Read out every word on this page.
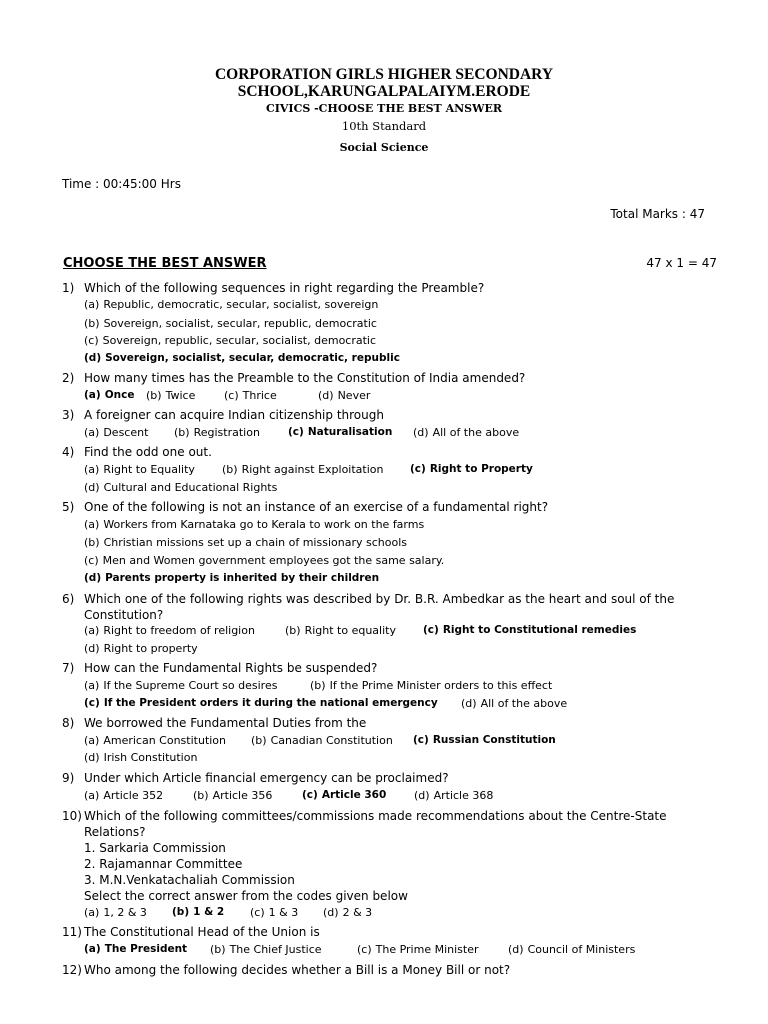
CORPORATION GIRLS HIGHER SECONDARY
SCHOOL,KARUNGALPALAIYM.ERODE
CIVICS -CHOOSE THE BEST ANSWER
10th Standard
Social Science
Time : 00:45:00 Hrs
Total Marks : 47
CHOOSE THE BEST ANSWER	47 x 1 = 47
1) Which of the following sequences in right regarding the Preamble?
(a) Republic, democratic, secular, socialist, sovereign
(b) Sovereign, socialist, secular, republic, democratic
(c) Sovereign, republic, secular, socialist, democratic
(d) Sovereign, socialist, secular, democratic, republic
2) How many times has the Preamble to the Constitution of India amended?
(a) Once (b) Twice	(c) Thrice	(d) Never
3) A foreigner can acquire Indian citizenship through
(a) Descent (b) Registration	(c) Naturalisation (d) All of the above
4) Find the odd one out.
(a) Right to Equality (b) Right against Exploitation	(c) Right to Property
(d) Cultural and Educational Rights
5) One of the following is not an instance of an exercise of a fundamental right?
(a) Workers from Karnataka go to Kerala to work on the farms
(b) Christian missions set up a chain of missionary schools
(c) Men and Women government employees got the same salary.
(d) Parents property is inherited by their children
6) Which one of the following rights was described by Dr. B.R. Ambedkar as the heart and soul of the Constitution?
(a) Right to freedom of religion	(b) Right to equality	(c) Right to Constitutional remedies
(d) Right to property
7) How can the Fundamental Rights be suspended?
(a) If the Supreme Court so desires	(b) If the Prime Minister orders to this effect
(c) If the President orders it during the national emergency (d) All of the above
8) We borrowed the Fundamental Duties from the
(a) American Constitution (b) Canadian Constitution (c) Russian Constitution
(d) Irish Constitution
9) Under which Article financial emergency can be proclaimed?
(a) Article 352	(b) Article 356	(c) Article 360	(d) Article 368
10) Which of the following committees/commissions made recommendations about the Centre-State Relations?
1. Sarkaria Commission
2. Rajamannar Committee
3. M.N.Venkatachaliah Commission
Select the correct answer from the codes given below
(a) 1, 2 & 3 (b) 1 & 2 (c) 1 & 3 (d) 2 & 3
11) The Constitutional Head of the Union is
(a) The President (b) The Chief Justice	(c) The Prime Minister	(d) Council of Ministers
12) Who among the following decides whether a Bill is a Money Bill or not?
